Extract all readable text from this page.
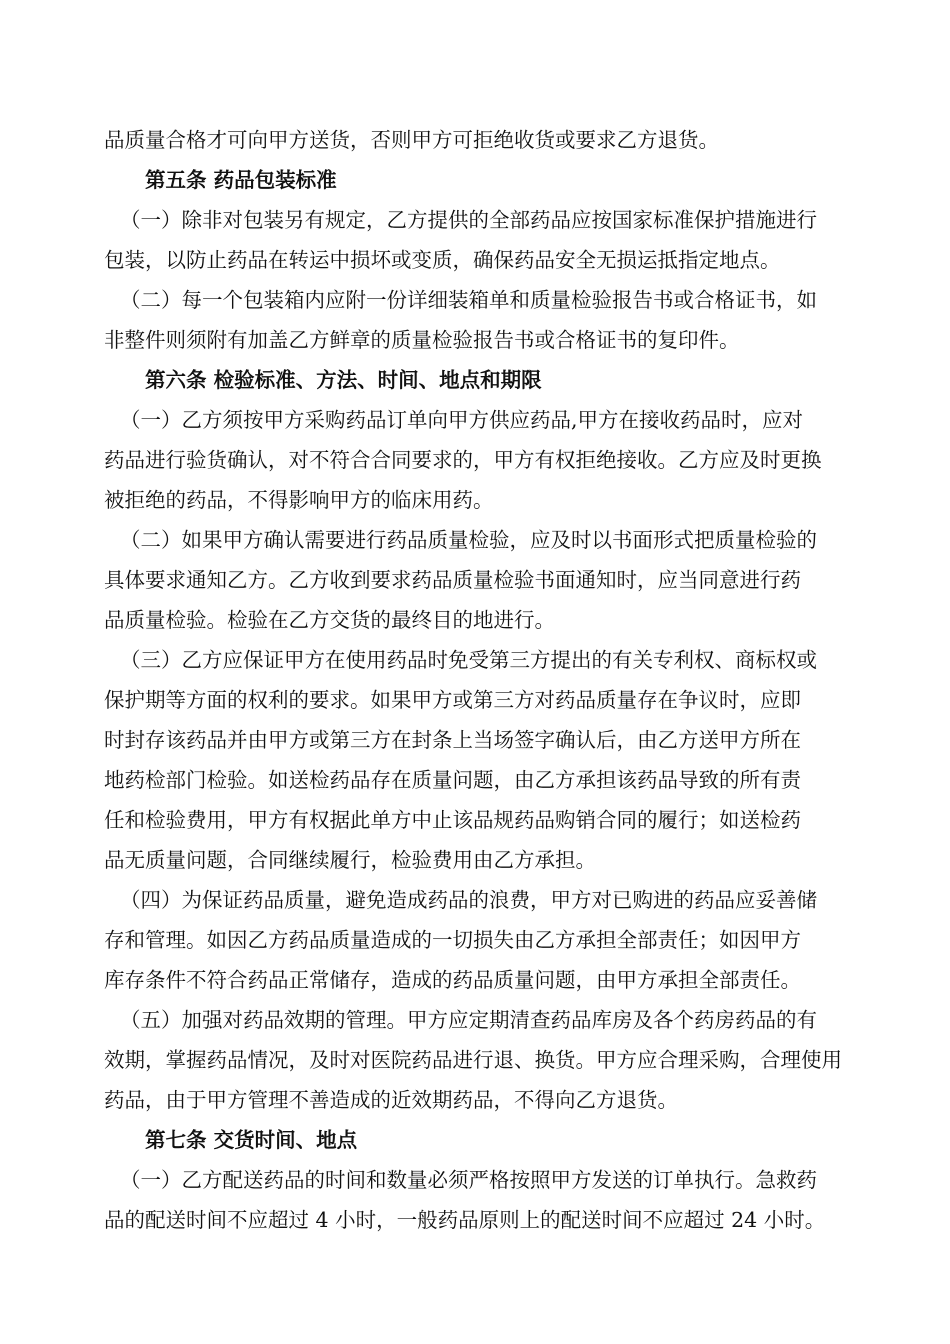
品质量合格才可向甲方送货，否则甲方可拒绝收货或要求乙方退货。
第五条 药品包装标准
（一）除非对包装另有规定，乙方提供的全部药品应按国家标准保护措施进行
包装，以防止药品在转运中损坏或变质，确保药品安全无损运抵指定地点。
（二）每一个包装箱内应附一份详细装箱单和质量检验报告书或合格证书，如
非整件则须附有加盖乙方鲜章的质量检验报告书或合格证书的复印件。
第六条 检验标准、方法、时间、地点和期限
（一）乙方须按甲方采购药品订单向甲方供应药品,甲方在接收药品时，应对
药品进行验货确认，对不符合合同要求的，甲方有权拒绝接收。乙方应及时更换
被拒绝的药品，不得影响甲方的临床用药。
（二）如果甲方确认需要进行药品质量检验，应及时以书面形式把质量检验的
具体要求通知乙方。乙方收到要求药品质量检验书面通知时，应当同意进行药
品质量检验。检验在乙方交货的最终目的地进行。
（三）乙方应保证甲方在使用药品时免受第三方提出的有关专利权、商标权或
保护期等方面的权利的要求。如果甲方或第三方对药品质量存在争议时，应即
时封存该药品并由甲方或第三方在封条上当场签字确认后，由乙方送甲方所在
地药检部门检验。如送检药品存在质量问题，由乙方承担该药品导致的所有责
任和检验费用，甲方有权据此单方中止该品规药品购销合同的履行；如送检药
品无质量问题，合同继续履行，检验费用由乙方承担。
（四）为保证药品质量，避免造成药品的浪费，甲方对已购进的药品应妥善储
存和管理。如因乙方药品质量造成的一切损失由乙方承担全部责任；如因甲方
库存条件不符合药品正常储存，造成的药品质量问题，由甲方承担全部责任。
（五）加强对药品效期的管理。甲方应定期清查药品库房及各个药房药品的有
效期，掌握药品情况，及时对医院药品进行退、换货。甲方应合理采购，合理使用
药品，由于甲方管理不善造成的近效期药品，不得向乙方退货。
第七条 交货时间、地点
（一）乙方配送药品的时间和数量必须严格按照甲方发送的订单执行。急救药
品的配送时间不应超过 4 小时，一般药品原则上的配送时间不应超过 24 小时。
